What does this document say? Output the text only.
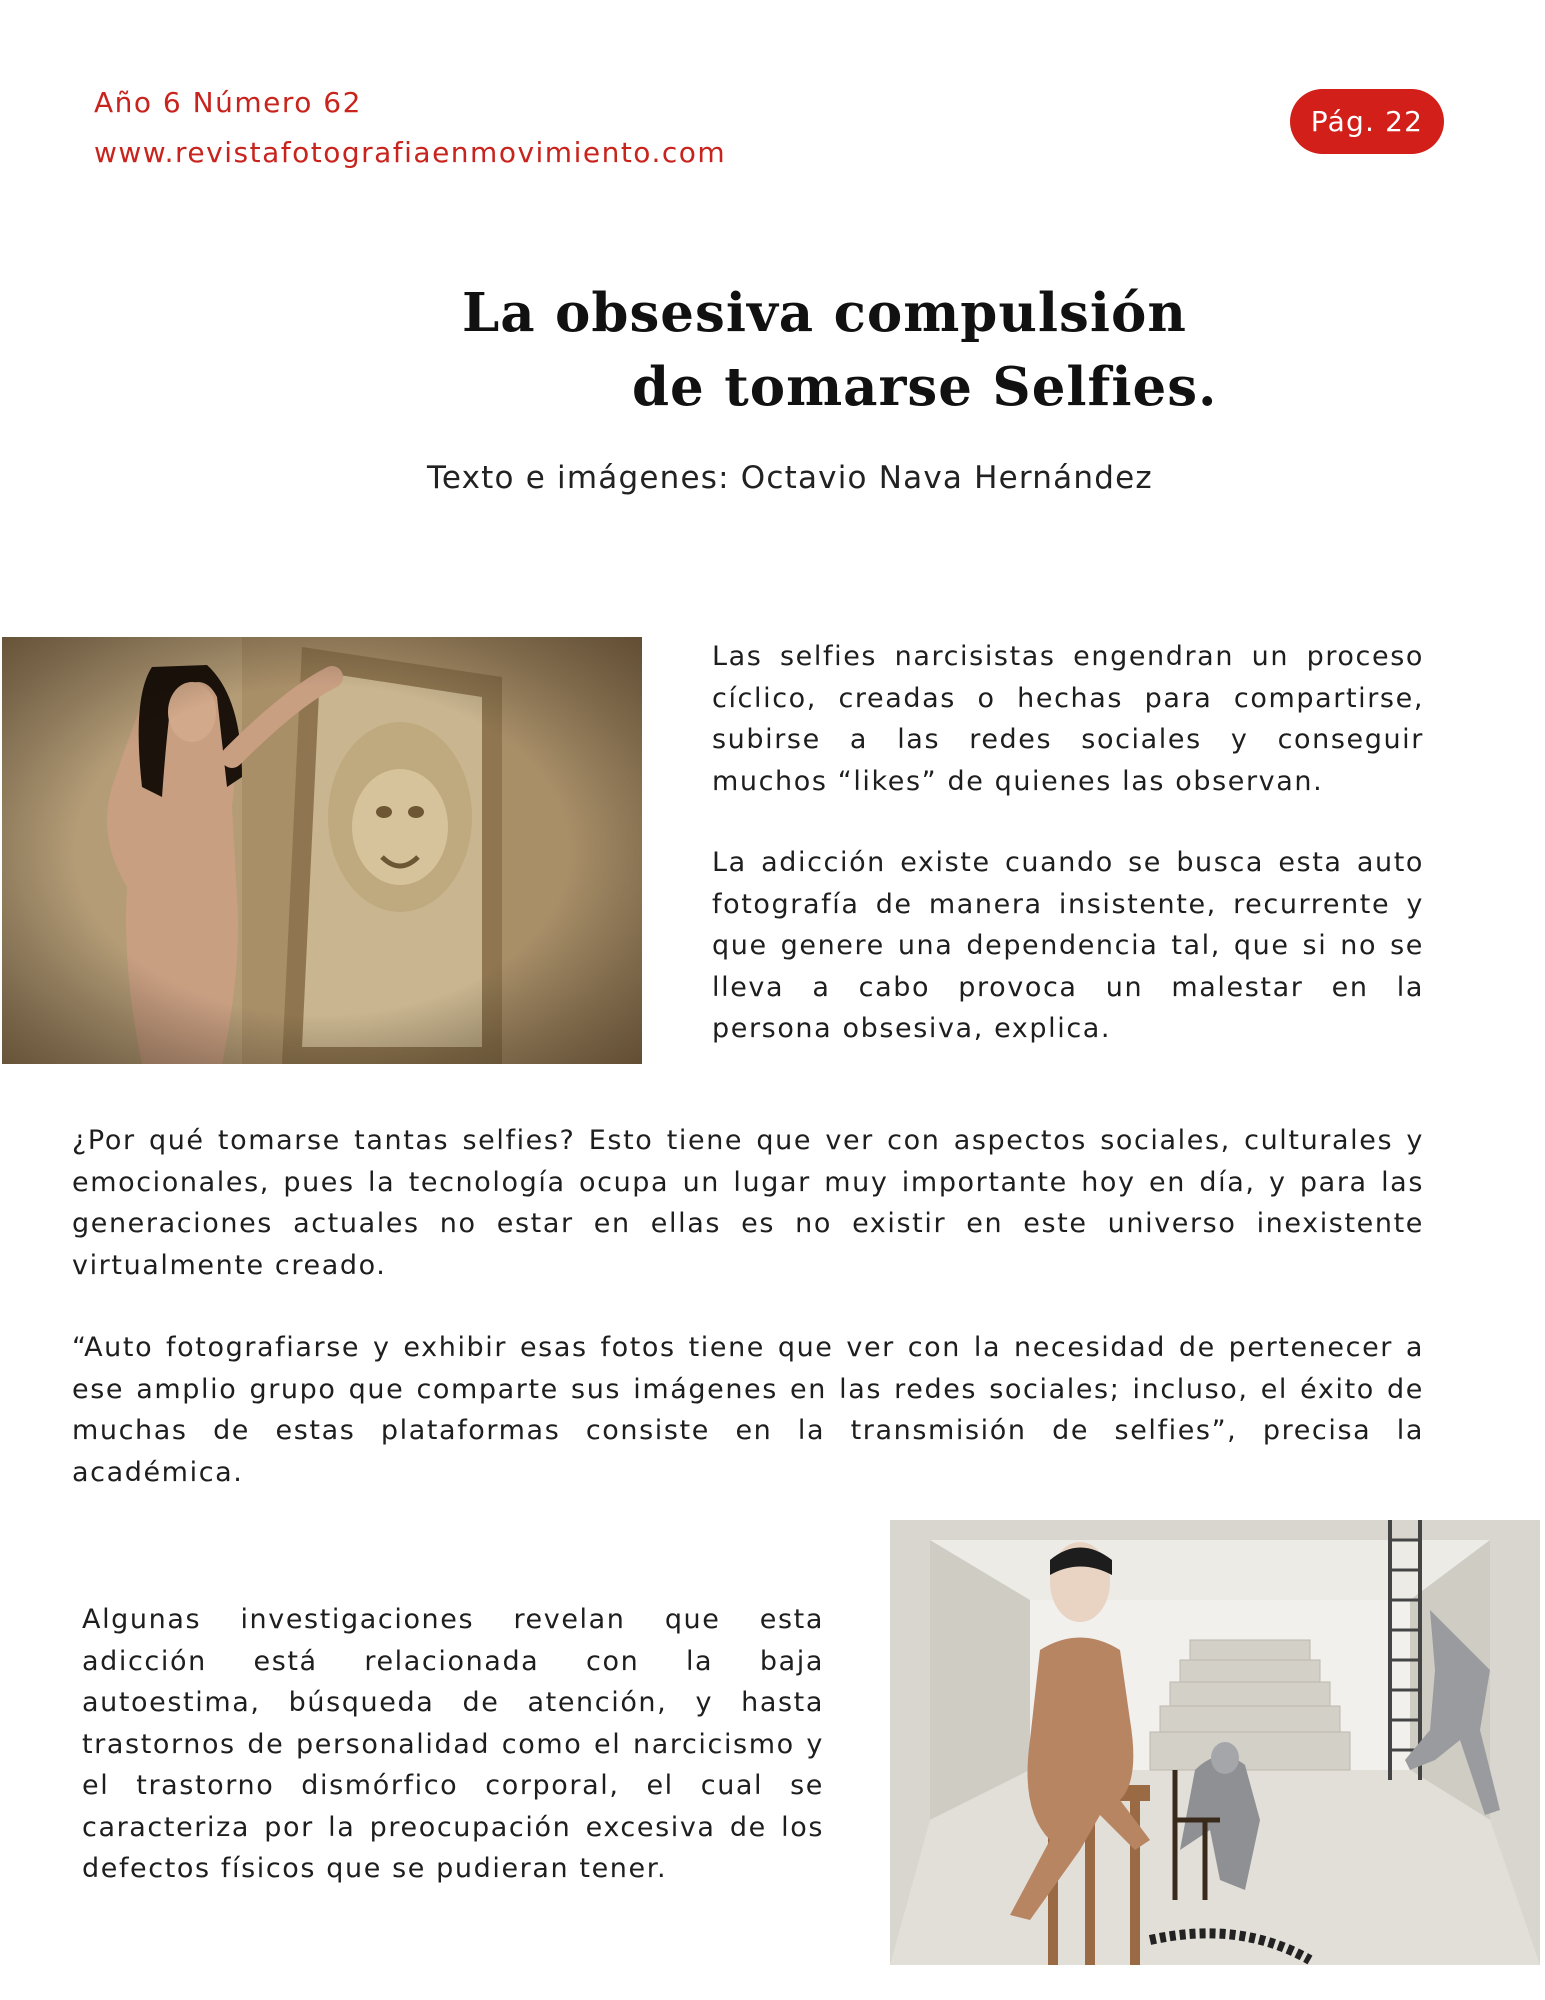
Año 6 Número 62
www.revistafotografiaenmovimiento.com
Pág. 22
La obsesiva compulsión
de tomarse Selfies.
Texto e imágenes: Octavio Nava Hernández

Las selfies narcisistas engendran un proceso cíclico, creadas o hechas para compartirse, subirse a las redes sociales y conseguir muchos “likes” de quienes las observan.

La adicción existe cuando se busca esta auto fotografía de manera insistente, recurrente y que genere una dependencia tal, que si no se lleva a cabo provoca un malestar en la persona obsesiva, explica.

¿Por qué tomarse tantas selfies? Esto tiene que ver con aspectos sociales, culturales y emocionales, pues la tecnología ocupa un lugar muy importante hoy en día, y para las generaciones actuales no estar en ellas es no existir en este universo inexistente virtualmente creado.

“Auto fotografiarse y exhibir esas fotos tiene que ver con la necesidad de pertenecer a ese amplio grupo que comparte sus imágenes en las redes sociales; incluso, el éxito de muchas de estas plataformas consiste en la transmisión de selfies”, precisa la académica.

Algunas investigaciones revelan que esta adicción está relacionada con la baja autoestima, búsqueda de atención, y hasta trastornos de personalidad como el narcicismo y el trastorno dismórfico corporal, el cual se caracteriza por la preocupación excesiva de los defectos físicos que se pudieran tener.
